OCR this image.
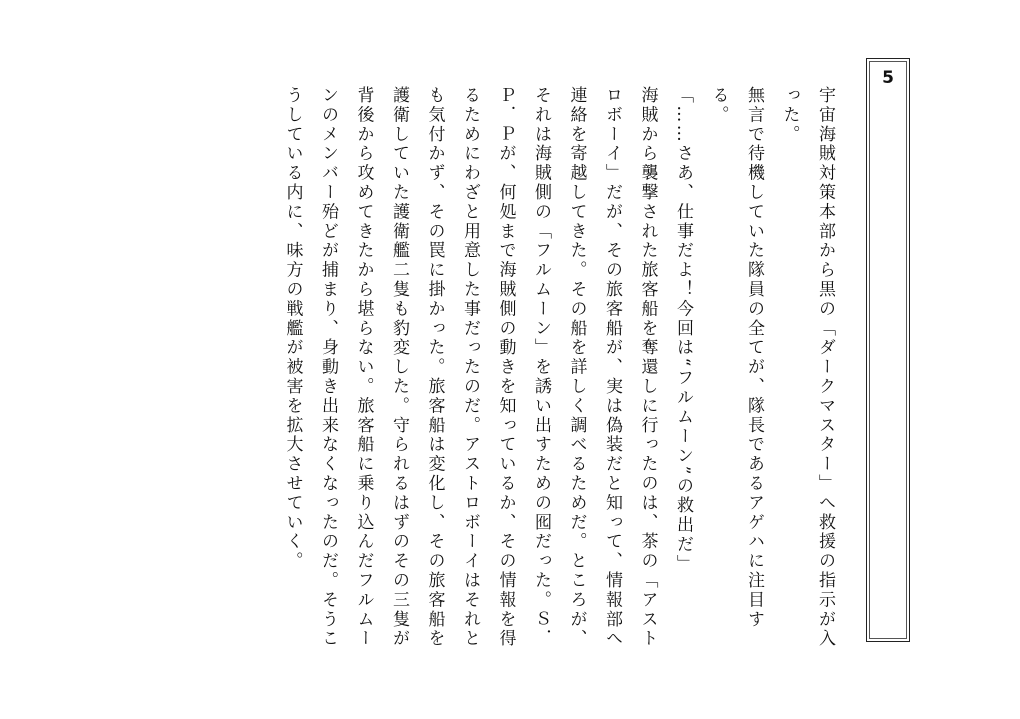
5

宇宙海賊対策本部から黒の「ダークマスター」へ救援の指示が入った。

無言で待機していた隊員の全てが、隊長であるアゲハに注目する。

「……さあ、仕事だよ！今回は“フルムーン”の救出だ」

海賊から襲撃された旅客船を奪還しに行ったのは、茶の「アストロボーイ」だが、その旅客船が、実は偽装だと知って、情報部へ連絡を寄越してきた。その船を詳しく調べるためだ。ところが、それは海賊側の「フルムーン」を誘い出すための囮だった。Ｓ．Ｐ．Ｐが、何処まで海賊側の動きを知っているか、その情報を得るためにわざと用意した事だったのだ。アストロボーイはそれとも気付かず、その罠に掛かった。旅客船は変化し、その旅客船を護衛していた護衛艦二隻も豹変した。守られるはずのその三隻が背後から攻めてきたから堪らない。旅客船に乗り込んだフルムーンのメンバー殆どが捕まり、身動き出来なくなったのだ。そうこうしている内に、味方の戦艦が被害を拡大させていく。
